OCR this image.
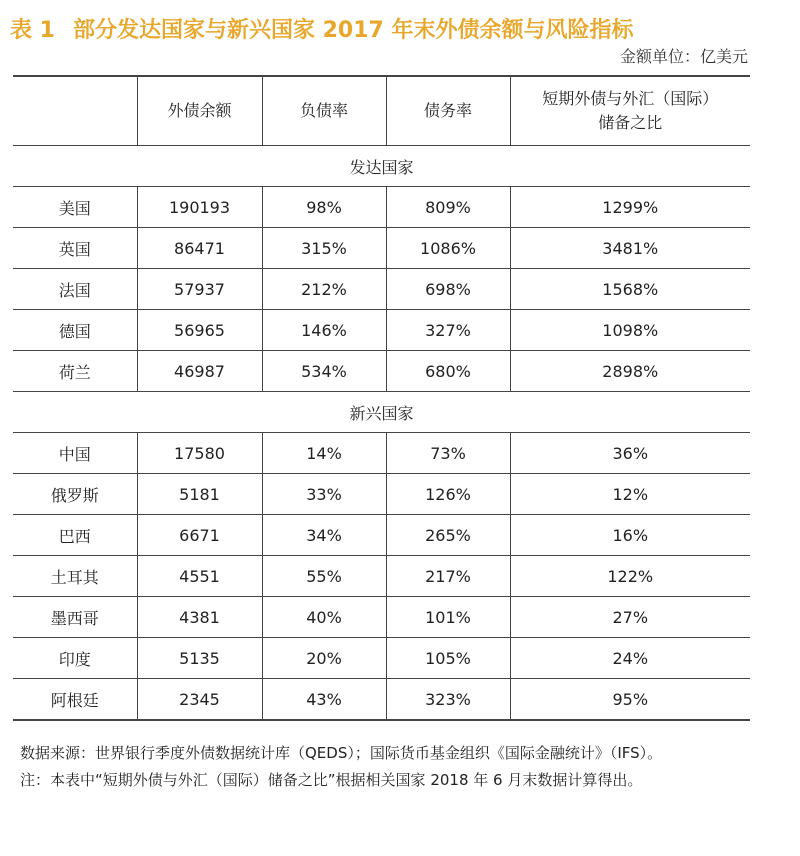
表 1 部分发达国家与新兴国家 2017 年末外债余额与风险指标
金额单位：亿美元
	外债余额	负债率	债务率	短期外债与外汇（国际）
储备之比

发达国家				
美国	190193	98%	809%	1299%
英国	86471	315%	1086%	3481%
法国	57937	212%	698%	1568%
德国	56965	146%	327%	1098%
荷兰	46987	534%	680%	2898%
新兴国家				
中国	17580	14%	73%	36%
俄罗斯	5181	33%	126%	12%
巴西	6671	34%	265%	16%
土耳其	4551	55%	217%	122%
墨西哥	4381	40%	101%	27%
印度	5135	20%	105%	24%
阿根廷	2345	43%	323%	95%
数据来源：世界银行季度外债数据统计库（QEDS）；国际货币基金组织《国际金融统计》（IFS）。
注：本表中“短期外债与外汇（国际）储备之比”根据相关国家 2018 年 6 月末数据计算得出。
